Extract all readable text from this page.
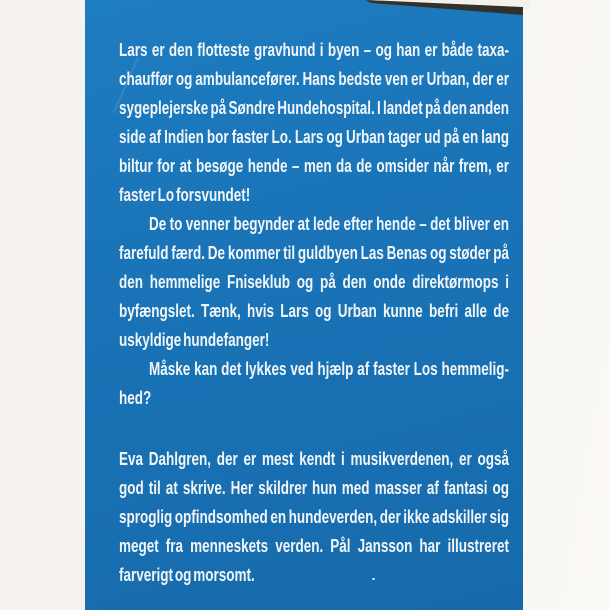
Lars er den flotteste gravhund i byen – og han er både taxa-
chauffør og ambulancefører. Hans bedste ven er Urban, der er
sygeplejerske på Søndre Hundehospital. I landet på den anden
side af Indien bor faster Lo. Lars og Urban tager ud på en lang
biltur for at besøge hende – men da de omsider når frem, er
faster Lo forsvundet!
De to venner begynder at lede efter hende – det bliver en
farefuld færd. De kommer til guldbyen Las Benas og støder på
den hemmelige Fniseklub og på den onde direktørmops i
byfængslet. Tænk, hvis Lars og Urban kunne befri alle de
uskyldige hundefanger!
Måske kan det lykkes ved hjælp af faster Los hemmelig-
hed?
Eva Dahlgren, der er mest kendt i musikverdenen, er også
god til at skrive. Her skildrer hun med masser af fantasi og
sproglig opfindsomhed en hundeverden, der ikke adskiller sig
meget fra menneskets verden. Pål Jansson har illustreret
farverigt og morsomt.
